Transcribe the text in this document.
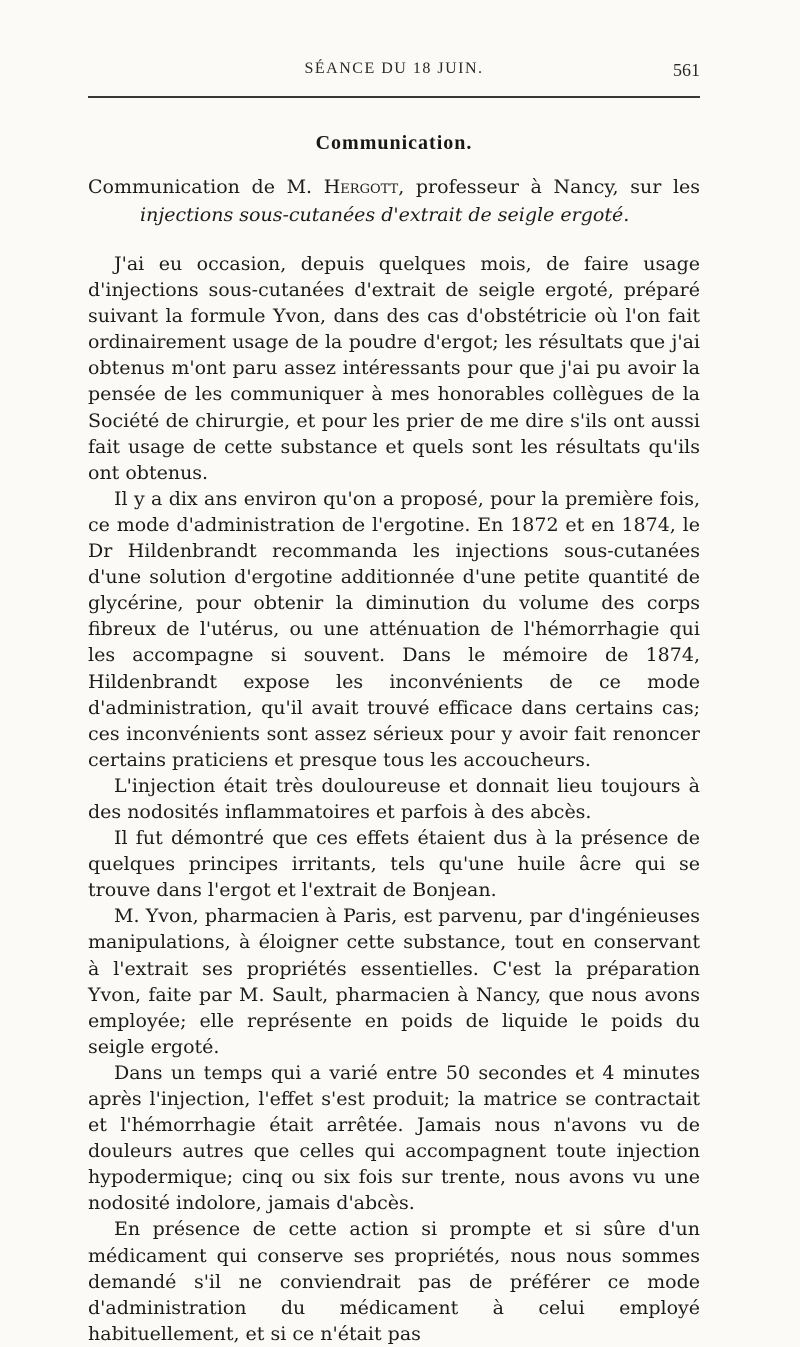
SÉANCE DU 18 JUIN.	561
Communication.

Communication de M. Hergott, professeur à Nancy, sur les injections sous-cutanées d'extrait de seigle ergoté.

J'ai eu occasion, depuis quelques mois, de faire usage d'injections sous-cutanées d'extrait de seigle ergoté, préparé suivant la formule Yvon, dans des cas d'obstétricie où l'on fait ordinairement usage de la poudre d'ergot; les résultats que j'ai obtenus m'ont paru assez intéressants pour que j'ai pu avoir la pensée de les communiquer à mes honorables collègues de la Société de chirurgie, et pour les prier de me dire s'ils ont aussi fait usage de cette substance et quels sont les résultats qu'ils ont obtenus.

Il y a dix ans environ qu'on a proposé, pour la première fois, ce mode d'administration de l'ergotine. En 1872 et en 1874, le Dr Hildenbrandt recommanda les injections sous-cutanées d'une solution d'ergotine additionnée d'une petite quantité de glycérine, pour obtenir la diminution du volume des corps fibreux de l'utérus, ou une atténuation de l'hémorrhagie qui les accompagne si souvent. Dans le mémoire de 1874, Hildenbrandt expose les inconvénients de ce mode d'administration, qu'il avait trouvé efficace dans certains cas; ces inconvénients sont assez sérieux pour y avoir fait renoncer certains praticiens et presque tous les accoucheurs.

L'injection était très douloureuse et donnait lieu toujours à des nodosités inflammatoires et parfois à des abcès.

Il fut démontré que ces effets étaient dus à la présence de quelques principes irritants, tels qu'une huile âcre qui se trouve dans l'ergot et l'extrait de Bonjean.

M. Yvon, pharmacien à Paris, est parvenu, par d'ingénieuses manipulations, à éloigner cette substance, tout en conservant à l'extrait ses propriétés essentielles. C'est la préparation Yvon, faite par M. Sault, pharmacien à Nancy, que nous avons employée; elle représente en poids de liquide le poids du seigle ergoté.

Dans un temps qui a varié entre 50 secondes et 4 minutes après l'injection, l'effet s'est produit; la matrice se contractait et l'hémorrhagie était arrêtée. Jamais nous n'avons vu de douleurs autres que celles qui accompagnent toute injection hypodermique; cinq ou six fois sur trente, nous avons vu une nodosité indolore, jamais d'abcès.

En présence de cette action si prompte et si sûre d'un médicament qui conserve ses propriétés, nous nous sommes demandé s'il ne conviendrait pas de préférer ce mode d'administration du médicament à celui employé habituellement, et si ce n'était pas
